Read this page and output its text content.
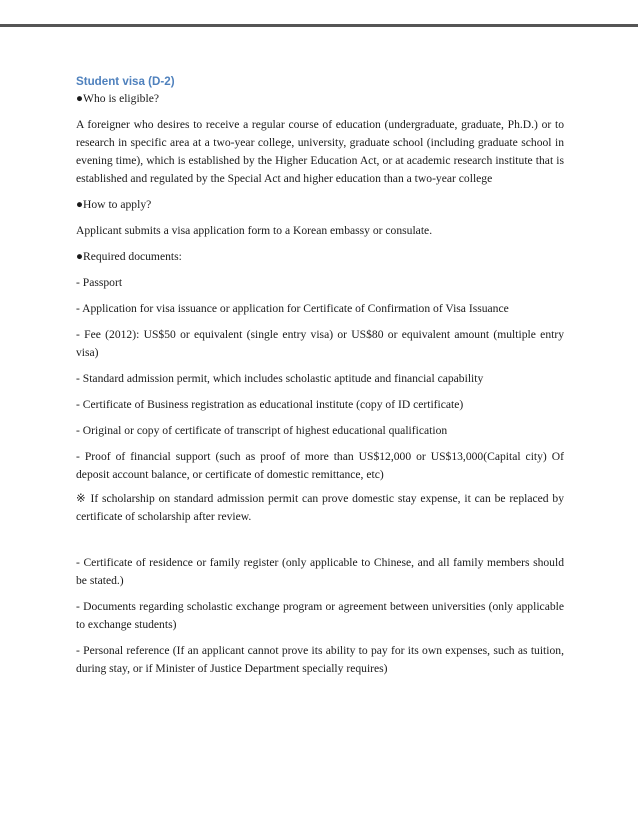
Student visa (D-2)
●Who is eligible?
A foreigner who desires to receive a regular course of education (undergraduate, graduate, Ph.D.) or to research in specific area at a two-year college, university, graduate school (including graduate school in evening time), which is established by the Higher Education Act, or at academic research institute that is established and regulated by the Special Act and higher education than a two-year college
●How to apply?
Applicant submits a visa application form to a Korean embassy or consulate.
●Required documents:
- Passport
- Application for visa issuance or application for Certificate of Confirmation of Visa Issuance
- Fee (2012): US$50 or equivalent (single entry visa) or US$80 or equivalent amount (multiple entry visa)
- Standard admission permit, which includes scholastic aptitude and financial capability
- Certificate of Business registration as educational institute (copy of ID certificate)
- Original or copy of certificate of transcript of highest educational qualification
- Proof of financial support (such as proof of more than US$12,000 or US$13,000(Capital city) Of deposit account balance, or certificate of domestic remittance, etc)
※ If scholarship on standard admission permit can prove domestic stay expense, it can be replaced by certificate of scholarship after review.
- Certificate of residence or family register (only applicable to Chinese, and all family members should be stated.)
- Documents regarding scholastic exchange program or agreement between universities (only applicable to exchange students)
- Personal reference (If an applicant cannot prove its ability to pay for its own expenses, such as tuition, during stay, or if Minister of Justice Department specially requires)
